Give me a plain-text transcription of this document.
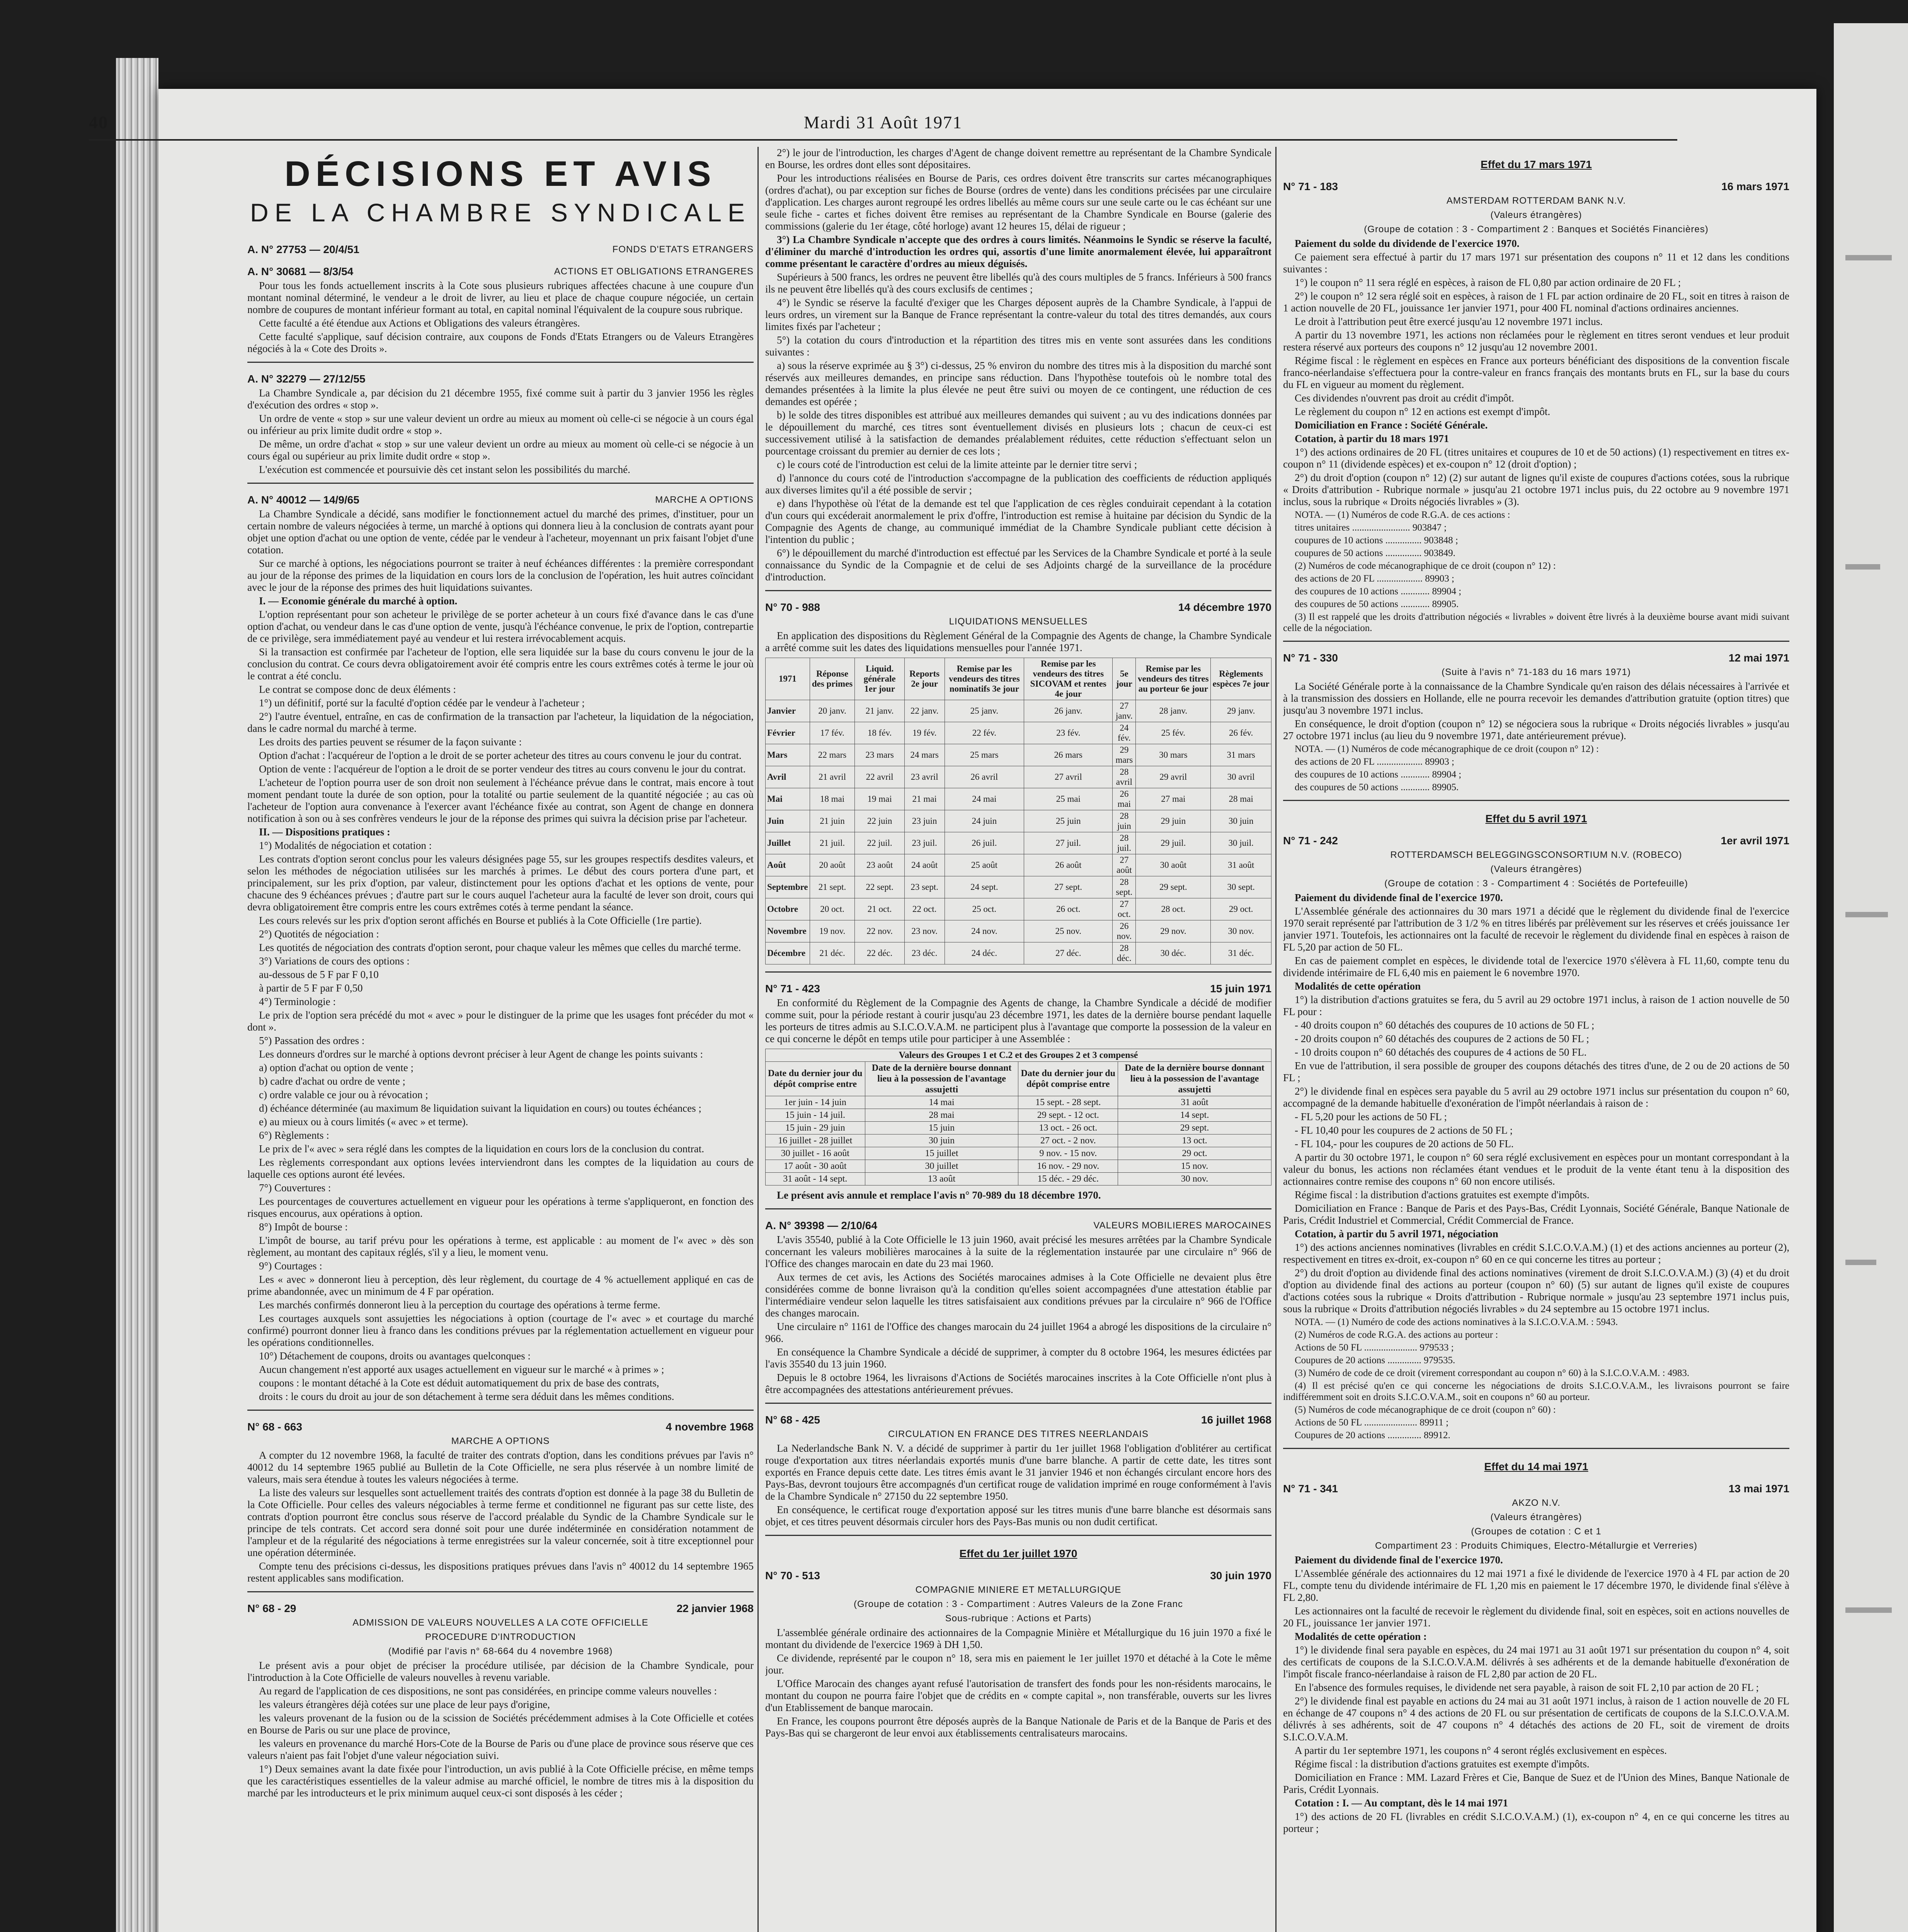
40	Mardi 31 Août 1971
DÉCISIONS ET AVIS
DE LA CHAMBRE SYNDICALE
A. N° 27753 — 20/4/51	FONDS D'ETATS ETRANGERS
A. N° 30681 — 8/3/54	ACTIONS ET OBLIGATIONS ETRANGERES

Pour tous les fonds actuellement inscrits à la Cote sous plusieurs rubriques affectées chacune à une coupure d'un montant nominal déterminé, le vendeur a le droit de livrer, au lieu et place de chaque coupure négociée, un certain nombre de coupures de montant inférieur formant au total, en capital nominal l'équivalent de la coupure sous rubrique.

Cette faculté a été étendue aux Actions et Obligations des valeurs étrangères.

Cette faculté s'applique, sauf décision contraire, aux coupons de Fonds d'Etats Etrangers ou de Valeurs Etrangères négociés à la « Cote des Droits ».

A. N° 32279 — 27/12/55

La Chambre Syndicale a, par décision du 21 décembre 1955, fixé comme suit à partir du 3 janvier 1956 les règles d'exécution des ordres « stop ».

Un ordre de vente « stop » sur une valeur devient un ordre au mieux au moment où celle-ci se négocie à un cours égal ou inférieur au prix limite dudit ordre « stop ».

De même, un ordre d'achat « stop » sur une valeur devient un ordre au mieux au moment où celle-ci se négocie à un cours égal ou supérieur au prix limite dudit ordre « stop ».

L'exécution est commencée et poursuivie dès cet instant selon les possibilités du marché.

A. N° 40012 — 14/9/65	MARCHE A OPTIONS

La Chambre Syndicale a décidé, sans modifier le fonctionnement actuel du marché des primes, d'instituer, pour un certain nombre de valeurs négociées à terme, un marché à options qui donnera lieu à la conclusion de contrats ayant pour objet une option d'achat ou une option de vente, cédée par le vendeur à l'acheteur, moyennant un prix faisant l'objet d'une cotation.

Sur ce marché à options, les négociations pourront se traiter à neuf échéances différentes : la première correspondant au jour de la réponse des primes de la liquidation en cours lors de la conclusion de l'opération, les huit autres coïncidant avec le jour de la réponse des primes des huit liquidations suivantes.

I. — Economie générale du marché à option.

L'option représentant pour son acheteur le privilège de se porter acheteur à un cours fixé d'avance dans le cas d'une option d'achat, ou vendeur dans le cas d'une option de vente, jusqu'à l'échéance convenue, le prix de l'option, contrepartie de ce privilège, sera immédiatement payé au vendeur et lui restera irrévocablement acquis.

Si la transaction est confirmée par l'acheteur de l'option, elle sera liquidée sur la base du cours convenu le jour de la conclusion du contrat. Ce cours devra obligatoirement avoir été compris entre les cours extrêmes cotés à terme le jour où le contrat a été conclu.

Le contrat se compose donc de deux éléments :

1°) un définitif, porté sur la faculté d'option cédée par le vendeur à l'acheteur ;

2°) l'autre éventuel, entraîne, en cas de confirmation de la transaction par l'acheteur, la liquidation de la négociation, dans le cadre normal du marché à terme.

Les droits des parties peuvent se résumer de la façon suivante :

Option d'achat : l'acquéreur de l'option a le droit de se porter acheteur des titres au cours convenu le jour du contrat.

Option de vente : l'acquéreur de l'option a le droit de se porter vendeur des titres au cours convenu le jour du contrat.

L'acheteur de l'option pourra user de son droit non seulement à l'échéance prévue dans le contrat, mais encore à tout moment pendant toute la durée de son option, pour la totalité ou partie seulement de la quantité négociée ; au cas où l'acheteur de l'option aura convenance à l'exercer avant l'échéance fixée au contrat, son Agent de change en donnera notification à son ou à ses confrères vendeurs le jour de la réponse des primes qui suivra la décision prise par l'acheteur.

II. — Dispositions pratiques :

1°) Modalités de négociation et cotation :

Les contrats d'option seront conclus pour les valeurs désignées page 55, sur les groupes respectifs desdites valeurs, et selon les méthodes de négociation utilisées sur les marchés à primes. Le début des cours portera d'une part, et principalement, sur les prix d'option, par valeur, distinctement pour les options d'achat et les options de vente, pour chacune des 9 échéances prévues ; d'autre part sur le cours auquel l'acheteur aura la faculté de lever son droit, cours qui devra obligatoirement être compris entre les cours extrêmes cotés à terme pendant la séance.

Les cours relevés sur les prix d'option seront affichés en Bourse et publiés à la Cote Officielle (1re partie).

2°) Quotités de négociation :

Les quotités de négociation des contrats d'option seront, pour chaque valeur les mêmes que celles du marché terme.

3°) Variations de cours des options :

au-dessous de 5 F par F 0,10

à partir de 5 F par F 0,50

4°) Terminologie :

Le prix de l'option sera précédé du mot « avec » pour le distinguer de la prime que les usages font précéder du mot « dont ».

5°) Passation des ordres :

Les donneurs d'ordres sur le marché à options devront préciser à leur Agent de change les points suivants :

a) option d'achat ou option de vente ;

b) cadre d'achat ou ordre de vente ;

c) ordre valable ce jour ou à révocation ;

d) échéance déterminée (au maximum 8e liquidation suivant la liquidation en cours) ou toutes échéances ;

e) au mieux ou à cours limités (« avec » et terme).

6°) Règlements :

Le prix de l'« avec » sera réglé dans les comptes de la liquidation en cours lors de la conclusion du contrat.

Les règlements correspondant aux options levées interviendront dans les comptes de la liquidation au cours de laquelle ces options auront été levées.

7°) Couvertures :

Les pourcentages de couvertures actuellement en vigueur pour les opérations à terme s'appliqueront, en fonction des risques encourus, aux opérations à option.

8°) Impôt de bourse :

L'impôt de bourse, au tarif prévu pour les opérations à terme, est applicable : au moment de l'« avec » dès son règlement, au montant des capitaux réglés, s'il y a lieu, le moment venu.

9°) Courtages :

Les « avec » donneront lieu à perception, dès leur règlement, du courtage de 4 % actuellement appliqué en cas de prime abandonnée, avec un minimum de 4 F par opération.

Les marchés confirmés donneront lieu à la perception du courtage des opérations à terme ferme.

Les courtages auxquels sont assujetties les négociations à option (courtage de l'« avec » et courtage du marché confirmé) pourront donner lieu à franco dans les conditions prévues par la réglementation actuellement en vigueur pour les opérations conditionnelles.

10°) Détachement de coupons, droits ou avantages quelconques :

Aucun changement n'est apporté aux usages actuellement en vigueur sur le marché « à primes » ;

coupons : le montant détaché à la Cote est déduit automatiquement du prix de base des contrats,

droits : le cours du droit au jour de son détachement à terme sera déduit dans les mêmes conditions.

N° 68 - 663	4 novembre 1968
MARCHE A OPTIONS

A compter du 12 novembre 1968, la faculté de traiter des contrats d'option, dans les conditions prévues par l'avis n° 40012 du 14 septembre 1965 publié au Bulletin de la Cote Officielle, ne sera plus réservée à un nombre limité de valeurs, mais sera étendue à toutes les valeurs négociées à terme.

La liste des valeurs sur lesquelles sont actuellement traités des contrats d'option est donnée à la page 38 du Bulletin de la Cote Officielle. Pour celles des valeurs négociables à terme ferme et conditionnel ne figurant pas sur cette liste, des contrats d'option pourront être conclus sous réserve de l'accord préalable du Syndic de la Chambre Syndicale sur le principe de tels contrats. Cet accord sera donné soit pour une durée indéterminée en considération notamment de l'ampleur et de la régularité des négociations à terme enregistrées sur la valeur concernée, soit à titre exceptionnel pour une opération déterminée.

Compte tenu des précisions ci-dessus, les dispositions pratiques prévues dans l'avis n° 40012 du 14 septembre 1965 restent applicables sans modification.

N° 68 - 29	22 janvier 1968
ADMISSION DE VALEURS NOUVELLES A LA COTE OFFICIELLE
PROCEDURE D'INTRODUCTION
(Modifié par l'avis n° 68-664 du 4 novembre 1968)

Le présent avis a pour objet de préciser la procédure utilisée, par décision de la Chambre Syndicale, pour l'introduction à la Cote Officielle de valeurs nouvelles à revenu variable.

Au regard de l'application de ces dispositions, ne sont pas considérées, en principe comme valeurs nouvelles :

les valeurs étrangères déjà cotées sur une place de leur pays d'origine,

les valeurs provenant de la fusion ou de la scission de Sociétés précédemment admises à la Cote Officielle et cotées en Bourse de Paris ou sur une place de province,

les valeurs en provenance du marché Hors-Cote de la Bourse de Paris ou d'une place de province sous réserve que ces valeurs n'aient pas fait l'objet d'une valeur négociation suivi.

1°) Deux semaines avant la date fixée pour l'introduction, un avis publié à la Cote Officielle précise, en même temps que les caractéristiques essentielles de la valeur admise au marché officiel, le nombre de titres mis à la disposition du marché par les introducteurs et le prix minimum auquel ceux-ci sont disposés à les céder ;

2°) le jour de l'introduction, les charges d'Agent de change doivent remettre au représentant de la Chambre Syndicale en Bourse, les ordres dont elles sont dépositaires.

Pour les introductions réalisées en Bourse de Paris, ces ordres doivent être transcrits sur cartes mécanographiques (ordres d'achat), ou par exception sur fiches de Bourse (ordres de vente) dans les conditions précisées par une circulaire d'application. Les charges auront regroupé les ordres libellés au même cours sur une seule carte ou le cas échéant sur une seule fiche - cartes et fiches doivent être remises au représentant de la Chambre Syndicale en Bourse (galerie des commissions (galerie du 1er étage, côté horloge) avant 12 heures 15, délai de rigueur ;

3°) La Chambre Syndicale n'accepte que des ordres à cours limités. Néanmoins le Syndic se réserve la faculté, d'éliminer du marché d'introduction les ordres qui, assortis d'une limite anormalement élevée, lui apparaîtront comme présentant le caractère d'ordres au mieux déguisés.

Supérieurs à 500 francs, les ordres ne peuvent être libellés qu'à des cours multiples de 5 francs. Inférieurs à 500 francs ils ne peuvent être libellés qu'à des cours exclusifs de centimes ;

4°) le Syndic se réserve la faculté d'exiger que les Charges déposent auprès de la Chambre Syndicale, à l'appui de leurs ordres, un virement sur la Banque de France représentant la contre-valeur du total des titres demandés, aux cours limites fixés par l'acheteur ;

5°) la cotation du cours d'introduction et la répartition des titres mis en vente sont assurées dans les conditions suivantes :

a) sous la réserve exprimée au § 3°) ci-dessus, 25 % environ du nombre des titres mis à la disposition du marché sont réservés aux meilleures demandes, en principe sans réduction. Dans l'hypothèse toutefois où le nombre total des demandes présentées à la limite la plus élevée ne peut être suivi ou moyen de ce contingent, une réduction de ces demandes est opérée ;

b) le solde des titres disponibles est attribué aux meilleures demandes qui suivent ; au vu des indications données par le dépouillement du marché, ces titres sont éventuellement divisés en plusieurs lots ; chacun de ceux-ci est successivement utilisé à la satisfaction de demandes préalablement réduites, cette réduction s'effectuant selon un pourcentage croissant du premier au dernier de ces lots ;

c) le cours coté de l'introduction est celui de la limite atteinte par le dernier titre servi ;

d) l'annonce du cours coté de l'introduction s'accompagne de la publication des coefficients de réduction appliqués aux diverses limites qu'il a été possible de servir ;

e) dans l'hypothèse où l'état de la demande est tel que l'application de ces règles conduirait cependant à la cotation d'un cours qui excéderait anormalement le prix d'offre, l'introduction est remise à huitaine par décision du Syndic de la Compagnie des Agents de change, au communiqué immédiat de la Chambre Syndicale publiant cette décision à l'intention du public ;

6°) le dépouillement du marché d'introduction est effectué par les Services de la Chambre Syndicale et porté à la seule connaissance du Syndic de la Compagnie et de celui de ses Adjoints chargé de la surveillance de la procédure d'introduction.

N° 70 - 988	14 décembre 1970
LIQUIDATIONS MENSUELLES

En application des dispositions du Règlement Général de la Compagnie des Agents de change, la Chambre Syndicale a arrêté comme suit les dates des liquidations mensuelles pour l'année 1971.

1971	Réponse des primes	Liquid. générale 1er jour	Reports 2e jour	Remise par les vendeurs des titres nominatifs 3e jour	Remise par les vendeurs des titres SICOVAM et rentes 4e jour	5e jour	Remise par les vendeurs des titres au porteur 6e jour	Règlements espèces 7e jour
Janvier	20 janv.	21 janv.	22 janv.	25 janv.	26 janv.	27 janv.	28 janv.	29 janv.
Février	17 fév.	18 fév.	19 fév.	22 fév.	23 fév.	24 fév.	25 fév.	26 fév.
Mars	22 mars	23 mars	24 mars	25 mars	26 mars	29 mars	30 mars	31 mars
Avril	21 avril	22 avril	23 avril	26 avril	27 avril	28 avril	29 avril	30 avril
Mai	18 mai	19 mai	21 mai	24 mai	25 mai	26 mai	27 mai	28 mai
Juin	21 juin	22 juin	23 juin	24 juin	25 juin	28 juin	29 juin	30 juin
Juillet	21 juil.	22 juil.	23 juil.	26 juil.	27 juil.	28 juil.	29 juil.	30 juil.
Août	20 août	23 août	24 août	25 août	26 août	27 août	30 août	31 août
Septembre	21 sept.	22 sept.	23 sept.	24 sept.	27 sept.	28 sept.	29 sept.	30 sept.
Octobre	20 oct.	21 oct.	22 oct.	25 oct.	26 oct.	27 oct.	28 oct.	29 oct.
Novembre	19 nov.	22 nov.	23 nov.	24 nov.	25 nov.	26 nov.	29 nov.	30 nov.
Décembre	21 déc.	22 déc.	23 déc.	24 déc.	27 déc.	28 déc.	30 déc.	31 déc.
N° 71 - 423	15 juin 1971

En conformité du Règlement de la Compagnie des Agents de change, la Chambre Syndicale a décidé de modifier comme suit, pour la période restant à courir jusqu'au 23 décembre 1971, les dates de la dernière bourse pendant laquelle les porteurs de titres admis au S.I.C.O.V.A.M. ne participent plus à l'avantage que comporte la possession de la valeur en ce qui concerne le dépôt en temps utile pour participer à une Assemblée :

Valeurs des Groupes 1 et C.2 et des Groupes 2 et 3 compensé			
Date du dernier jour du dépôt comprise entre	Date de la dernière bourse donnant lieu à la possession de l'avantage assujetti	Date du dernier jour du dépôt comprise entre	Date de la dernière bourse donnant lieu à la possession de l'avantage assujetti
1er juin - 14 juin	14 mai	15 sept. - 28 sept.	31 août
15 juin - 14 juil.	28 mai	29 sept. - 12 oct.	14 sept.
15 juin - 29 juin	15 juin	13 oct. - 26 oct.	29 sept.
16 juillet - 28 juillet	30 juin	27 oct. - 2 nov.	13 oct.
30 juillet - 16 août	15 juillet	9 nov. - 15 nov.	29 oct.
17 août - 30 août	30 juillet	16 nov. - 29 nov.	15 nov.
31 août - 14 sept.	13 août	15 déc. - 29 déc.	30 nov.

Le présent avis annule et remplace l'avis n° 70-989 du 18 décembre 1970.

A. N° 39398 — 2/10/64	VALEURS MOBILIERES MAROCAINES

L'avis 35540, publié à la Cote Officielle le 13 juin 1960, avait précisé les mesures arrêtées par la Chambre Syndicale concernant les valeurs mobilières marocaines à la suite de la réglementation instaurée par une circulaire n° 966 de l'Office des changes marocain en date du 23 mai 1960.

Aux termes de cet avis, les Actions des Sociétés marocaines admises à la Cote Officielle ne devaient plus être considérées comme de bonne livraison qu'à la condition qu'elles soient accompagnées d'une attestation établie par l'intermédiaire vendeur selon laquelle les titres satisfaisaient aux conditions prévues par la circulaire n° 966 de l'Office des changes marocain.

Une circulaire n° 1161 de l'Office des changes marocain du 24 juillet 1964 a abrogé les dispositions de la circulaire n° 966.

En conséquence la Chambre Syndicale a décidé de supprimer, à compter du 8 octobre 1964, les mesures édictées par l'avis 35540 du 13 juin 1960.

Depuis le 8 octobre 1964, les livraisons d'Actions de Sociétés marocaines inscrites à la Cote Officielle n'ont plus à être accompagnées des attestations antérieurement prévues.

N° 68 - 425	16 juillet 1968
CIRCULATION EN FRANCE DES TITRES NEERLANDAIS

La Nederlandsche Bank N. V. a décidé de supprimer à partir du 1er juillet 1968 l'obligation d'oblitérer au certificat rouge d'exportation aux titres néerlandais exportés munis d'une barre blanche. A partir de cette date, les titres sont exportés en France depuis cette date. Les titres émis avant le 31 janvier 1946 et non échangés circulant encore hors des Pays-Bas, devront toujours être accompagnés d'un certificat rouge de validation imprimé en rouge conformément à l'avis de la Chambre Syndicale n° 27150 du 22 septembre 1950.

En conséquence, le certificat rouge d'exportation apposé sur les titres munis d'une barre blanche est désormais sans objet, et ces titres peuvent désormais circuler hors des Pays-Bas munis ou non dudit certificat.

Effet du 1er juillet 1970
N° 70 - 513	30 juin 1970
COMPAGNIE MINIERE ET METALLURGIQUE
(Groupe de cotation : 3 - Compartiment : Autres Valeurs de la Zone Franc
Sous-rubrique : Actions et Parts)

L'assemblée générale ordinaire des actionnaires de la Compagnie Minière et Métallurgique du 16 juin 1970 a fixé le montant du dividende de l'exercice 1969 à DH 1,50.

Ce dividende, représenté par le coupon n° 18, sera mis en paiement le 1er juillet 1970 et détaché à la Cote le même jour.

L'Office Marocain des changes ayant refusé l'autorisation de transfert des fonds pour les non-résidents marocains, le montant du coupon ne pourra faire l'objet que de crédits en « compte capital », non transférable, ouverts sur les livres d'un Etablissement de banque marocain.

En France, les coupons pourront être déposés auprès de la Banque Nationale de Paris et de la Banque de Paris et des Pays-Bas qui se chargeront de leur envoi aux établissements centralisateurs marocains.

Effet du 17 mars 1971
N° 71 - 183	16 mars 1971
AMSTERDAM ROTTERDAM BANK N.V.
(Valeurs étrangères)
(Groupe de cotation : 3 - Compartiment 2 : Banques et Sociétés Financières)

Paiement du solde du dividende de l'exercice 1970.

Ce paiement sera effectué à partir du 17 mars 1971 sur présentation des coupons n° 11 et 12 dans les conditions suivantes :

1°) le coupon n° 11 sera réglé en espèces, à raison de FL 0,80 par action ordinaire de 20 FL ;

2°) le coupon n° 12 sera réglé soit en espèces, à raison de 1 FL par action ordinaire de 20 FL, soit en titres à raison de 1 action nouvelle de 20 FL, jouissance 1er janvier 1971, pour 400 FL nominal d'actions ordinaires anciennes.

Le droit à l'attribution peut être exercé jusqu'au 12 novembre 1971 inclus.

A partir du 13 novembre 1971, les actions non réclamées pour le règlement en titres seront vendues et leur produit restera réservé aux porteurs des coupons n° 12 jusqu'au 12 novembre 2001.

Régime fiscal : le règlement en espèces en France aux porteurs bénéficiant des dispositions de la convention fiscale franco-néerlandaise s'effectuera pour la contre-valeur en francs français des montants bruts en FL, sur la base du cours du FL en vigueur au moment du règlement.

Ces dividendes n'ouvrent pas droit au crédit d'impôt.

Le règlement du coupon n° 12 en actions est exempt d'impôt.

Domiciliation en France : Société Générale.

Cotation, à partir du 18 mars 1971

1°) des actions ordinaires de 20 FL (titres unitaires et coupures de 10 et de 50 actions) (1) respectivement en titres ex-coupon n° 11 (dividende espèces) et ex-coupon n° 12 (droit d'option) ;

2°) du droit d'option (coupon n° 12) (2) sur autant de lignes qu'il existe de coupures d'actions cotées, sous la rubrique « Droits d'attribution - Rubrique normale » jusqu'au 21 octobre 1971 inclus puis, du 22 octobre au 9 novembre 1971 inclus, sous la rubrique « Droits négociés livrables » (3).

NOTA. — (1) Numéros de code R.G.A. de ces actions :

titres unitaires ........................ 903847 ;

coupures de 10 actions ............... 903848 ;

coupures de 50 actions ............... 903849.

(2) Numéros de code mécanographique de ce droit (coupon n° 12) :

des actions de 20 FL ................... 89903 ;

des coupures de 10 actions ............ 89904 ;

des coupures de 50 actions ............ 89905.

(3) Il est rappelé que les droits d'attribution négociés « livrables » doivent être livrés à la deuxième bourse avant midi suivant celle de la négociation.

N° 71 - 330	12 mai 1971
(Suite à l'avis n° 71-183 du 16 mars 1971)

La Société Générale porte à la connaissance de la Chambre Syndicale qu'en raison des délais nécessaires à l'arrivée et à la transmission des dossiers en Hollande, elle ne pourra recevoir les demandes d'attribution gratuite (option titres) que jusqu'au 3 novembre 1971 inclus.

En conséquence, le droit d'option (coupon n° 12) se négociera sous la rubrique « Droits négociés livrables » jusqu'au 27 octobre 1971 inclus (au lieu du 9 novembre 1971, date antérieurement prévue).

NOTA. — (1) Numéros de code mécanographique de ce droit (coupon n° 12) :

des actions de 20 FL ................... 89903 ;

des coupures de 10 actions ............ 89904 ;

des coupures de 50 actions ............ 89905.

Effet du 5 avril 1971
N° 71 - 242	1er avril 1971
ROTTERDAMSCH BELEGGINGSCONSORTIUM N.V. (ROBECO)
(Valeurs étrangères)
(Groupe de cotation : 3 - Compartiment 4 : Sociétés de Portefeuille)

Paiement du dividende final de l'exercice 1970.

L'Assemblée générale des actionnaires du 30 mars 1971 a décidé que le règlement du dividende final de l'exercice 1970 serait représenté par l'attribution de 3 1/2 % en titres libérés par prélèvement sur les réserves et créés jouissance 1er janvier 1971. Toutefois, les actionnaires ont la faculté de recevoir le règlement du dividende final en espèces à raison de FL 5,20 par action de 50 FL.

En cas de paiement complet en espèces, le dividende total de l'exercice 1970 s'élèvera à FL 11,60, compte tenu du dividende intérimaire de FL 6,40 mis en paiement le 6 novembre 1970.

Modalités de cette opération

1°) la distribution d'actions gratuites se fera, du 5 avril au 29 octobre 1971 inclus, à raison de 1 action nouvelle de 50 FL pour :

- 40 droits coupon n° 60 détachés des coupures de 10 actions de 50 FL ;

- 20 droits coupon n° 60 détachés des coupures de 2 actions de 50 FL ;

- 10 droits coupon n° 60 détachés des coupures de 4 actions de 50 FL.

En vue de l'attribution, il sera possible de grouper des coupons détachés des titres d'une, de 2 ou de 20 actions de 50 FL ;

2°) le dividende final en espèces sera payable du 5 avril au 29 octobre 1971 inclus sur présentation du coupon n° 60, accompagné de la demande habituelle d'exonération de l'impôt néerlandais à raison de :

- FL 5,20 pour les actions de 50 FL ;

- FL 10,40 pour les coupures de 2 actions de 50 FL ;

- FL 104,- pour les coupures de 20 actions de 50 FL.

A partir du 30 octobre 1971, le coupon n° 60 sera réglé exclusivement en espèces pour un montant correspondant à la valeur du bonus, les actions non réclamées étant vendues et le produit de la vente étant tenu à la disposition des actionnaires contre remise des coupons n° 60 non encore utilisés.

Régime fiscal : la distribution d'actions gratuites est exempte d'impôts.

Domiciliation en France : Banque de Paris et des Pays-Bas, Crédit Lyonnais, Société Générale, Banque Nationale de Paris, Crédit Industriel et Commercial, Crédit Commercial de France.

Cotation, à partir du 5 avril 1971, négociation

1°) des actions anciennes nominatives (livrables en crédit S.I.C.O.V.A.M.) (1) et des actions anciennes au porteur (2), respectivement en titres ex-droit, ex-coupon n° 60 en ce qui concerne les titres au porteur ;

2°) du droit d'option au dividende final des actions nominatives (virement de droit S.I.C.O.V.A.M.) (3) (4) et du droit d'option au dividende final des actions au porteur (coupon n° 60) (5) sur autant de lignes qu'il existe de coupures d'actions cotées sous la rubrique « Droits d'attribution - Rubrique normale » jusqu'au 23 septembre 1971 inclus puis, sous la rubrique « Droits d'attribution négociés livrables » du 24 septembre au 15 octobre 1971 inclus.

NOTA. — (1) Numéro de code des actions nominatives à la S.I.C.O.V.A.M. : 5943.

(2) Numéros de code R.G.A. des actions au porteur :

Actions de 50 FL ...................... 979533 ;

Coupures de 20 actions .............. 979535.

(3) Numéro de code de ce droit (virement correspondant au coupon n° 60) à la S.I.C.O.V.A.M. : 4983.

(4) Il est précisé qu'en ce qui concerne les négociations de droits S.I.C.O.V.A.M., les livraisons pourront se faire indifféremment soit en droits S.I.C.O.V.A.M., soit en coupons n° 60 au porteur.

(5) Numéros de code mécanographique de ce droit (coupon n° 60) :

Actions de 50 FL ...................... 89911 ;

Coupures de 20 actions .............. 89912.

Effet du 14 mai 1971
N° 71 - 341	13 mai 1971
AKZO N.V.
(Valeurs étrangères)
(Groupes de cotation : C et 1
Compartiment 23 : Produits Chimiques, Electro-Métallurgie et Verreries)

Paiement du dividende final de l'exercice 1970.

L'Assemblée générale des actionnaires du 12 mai 1971 a fixé le dividende de l'exercice 1970 à 4 FL par action de 20 FL, compte tenu du dividende intérimaire de FL 1,20 mis en paiement le 17 décembre 1970, le dividende final s'élève à FL 2,80.

Les actionnaires ont la faculté de recevoir le règlement du dividende final, soit en espèces, soit en actions nouvelles de 20 FL, jouissance 1er janvier 1971.

Modalités de cette opération :

1°) le dividende final sera payable en espèces, du 24 mai 1971 au 31 août 1971 sur présentation du coupon n° 4, soit des certificats de coupons de la S.I.C.O.V.A.M. délivrés à ses adhérents et de la demande habituelle d'exonération de l'impôt fiscale franco-néerlandaise à raison de FL 2,80 par action de 20 FL.

En l'absence des formules requises, le dividende net sera payable, à raison de soit FL 2,10 par action de 20 FL ;

2°) le dividende final est payable en actions du 24 mai au 31 août 1971 inclus, à raison de 1 action nouvelle de 20 FL en échange de 47 coupons n° 4 des actions de 20 FL ou sur présentation de certificats de coupons de la S.I.C.O.V.A.M. délivrés à ses adhérents, soit de 47 coupons n° 4 détachés des actions de 20 FL, soit de virement de droits S.I.C.O.V.A.M.

A partir du 1er septembre 1971, les coupons n° 4 seront réglés exclusivement en espèces.

Régime fiscal : la distribution d'actions gratuites est exempte d'impôts.

Domiciliation en France : MM. Lazard Frères et Cie, Banque de Suez et de l'Union des Mines, Banque Nationale de Paris, Crédit Lyonnais.

Cotation : I. — Au comptant, dès le 14 mai 1971

1°) des actions de 20 FL (livrables en crédit S.I.C.O.V.A.M.) (1), ex-coupon n° 4, en ce qui concerne les titres au porteur ;
